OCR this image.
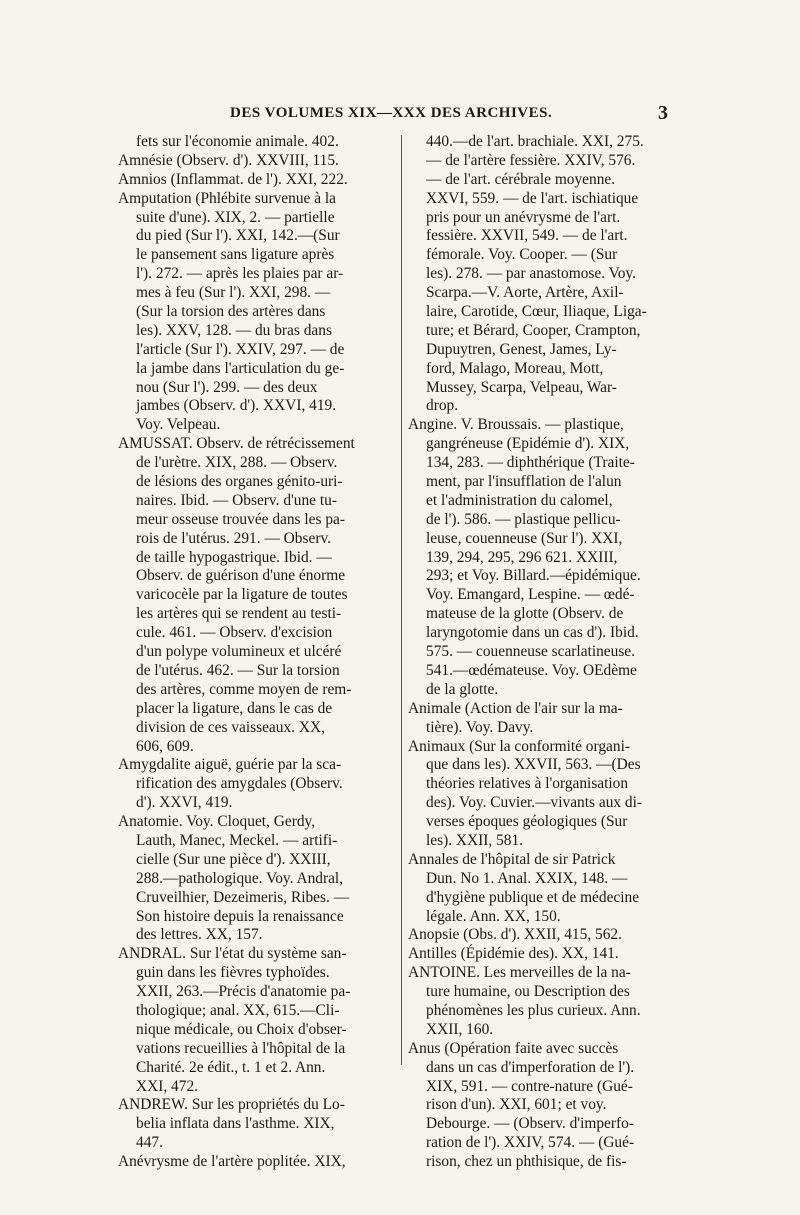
DES VOLUMES XIX—XXX DES ARCHIVES.	3
fets sur l'économie animale. 402.
Amnésie (Observ. d'). XXVIII, 115.
Amnios (Inflammat. de l'). XXI, 222.
Amputation (Phlébite survenue à la
suite d'une). XIX, 2. — partielle
du pied (Sur l'). XXI, 142.—(Sur
le pansement sans ligature après
l'). 272. — après les plaies par ar-
mes à feu (Sur l'). XXI, 298. —
(Sur la torsion des artères dans
les). XXV, 128. — du bras dans
l'article (Sur l'). XXIV, 297. — de
la jambe dans l'articulation du ge-
nou (Sur l'). 299. — des deux
jambes (Observ. d'). XXVI, 419.
Voy. Velpeau.
AMUSSAT. Observ. de rétrécissement
de l'urètre. XIX, 288. — Observ.
de lésions des organes génito-uri-
naires. Ibid. — Observ. d'une tu-
meur osseuse trouvée dans les pa-
rois de l'utérus. 291. — Observ.
de taille hypogastrique. Ibid. —
Observ. de guérison d'une énorme
varicocèle par la ligature de toutes
les artères qui se rendent au testi-
cule. 461. — Observ. d'excision
d'un polype volumineux et ulcéré
de l'utérus. 462. — Sur la torsion
des artères, comme moyen de rem-
placer la ligature, dans le cas de
division de ces vaisseaux. XX,
606, 609.
Amygdalite aiguë, guérie par la sca-
rification des amygdales (Observ.
d'). XXVI, 419.
Anatomie. Voy. Cloquet, Gerdy,
Lauth, Manec, Meckel. — artifi-
cielle (Sur une pièce d'). XXIII,
288.—pathologique. Voy. Andral,
Cruveilhier, Dezeimeris, Ribes. —
Son histoire depuis la renaissance
des lettres. XX, 157.
ANDRAL. Sur l'état du système san-
guin dans les fièvres typhoïdes.
XXII, 263.—Précis d'anatomie pa-
thologique; anal. XX, 615.—Cli-
nique médicale, ou Choix d'obser-
vations recueillies à l'hôpital de la
Charité. 2e édit., t. 1 et 2. Ann.
XXI, 472.
ANDREW. Sur les propriétés du Lo-
belia inflata dans l'asthme. XIX,
447.
Anévrysme de l'artère poplitée. XIX,
440.—de l'art. brachiale. XXI, 275.
— de l'artère fessière. XXIV, 576.
— de l'art. cérébrale moyenne.
XXVI, 559. — de l'art. ischiatique
pris pour un anévrysme de l'art.
fessière. XXVII, 549. — de l'art.
fémorale. Voy. Cooper. — (Sur
les). 278. — par anastomose. Voy.
Scarpa.—V. Aorte, Artère, Axil-
laire, Carotide, Cœur, Iliaque, Liga-
ture; et Bérard, Cooper, Crampton,
Dupuytren, Genest, James, Ly-
ford, Malago, Moreau, Mott,
Mussey, Scarpa, Velpeau, War-
drop.
Angine. V. Broussais. — plastique,
gangréneuse (Epidémie d'). XIX,
134, 283. — diphthérique (Traite-
ment, par l'insufflation de l'alun
et l'administration du calomel,
de l'). 586. — plastique pellicu-
leuse, couenneuse (Sur l'). XXI,
139, 294, 295, 296 621. XXIII,
293; et Voy. Billard.—épidémique.
Voy. Emangard, Lespine. — œdé-
mateuse de la glotte (Observ. de
laryngotomie dans un cas d'). Ibid.
575. — couenneuse scarlatineuse.
541.—œdémateuse. Voy. OEdème
de la glotte.
Animale (Action de l'air sur la ma-
tière). Voy. Davy.
Animaux (Sur la conformité organi-
que dans les). XXVII, 563. —(Des
théories relatives à l'organisation
des). Voy. Cuvier.—vivants aux di-
verses époques géologiques (Sur
les). XXII, 581.
Annales de l'hôpital de sir Patrick
Dun. No 1. Anal. XXIX, 148. —
d'hygiène publique et de médecine
légale. Ann. XX, 150.
Anopsie (Obs. d'). XXII, 415, 562.
Antilles (Épidémie des). XX, 141.
ANTOINE. Les merveilles de la na-
ture humaine, ou Description des
phénomènes les plus curieux. Ann.
XXII, 160.
Anus (Opération faite avec succès
dans un cas d'imperforation de l').
XIX, 591. — contre-nature (Gué-
rison d'un). XXI, 601; et voy.
Debourge. — (Observ. d'imperfo-
ration de l'). XXIV, 574. — (Gué-
rison, chez un phthisique, de fis-
